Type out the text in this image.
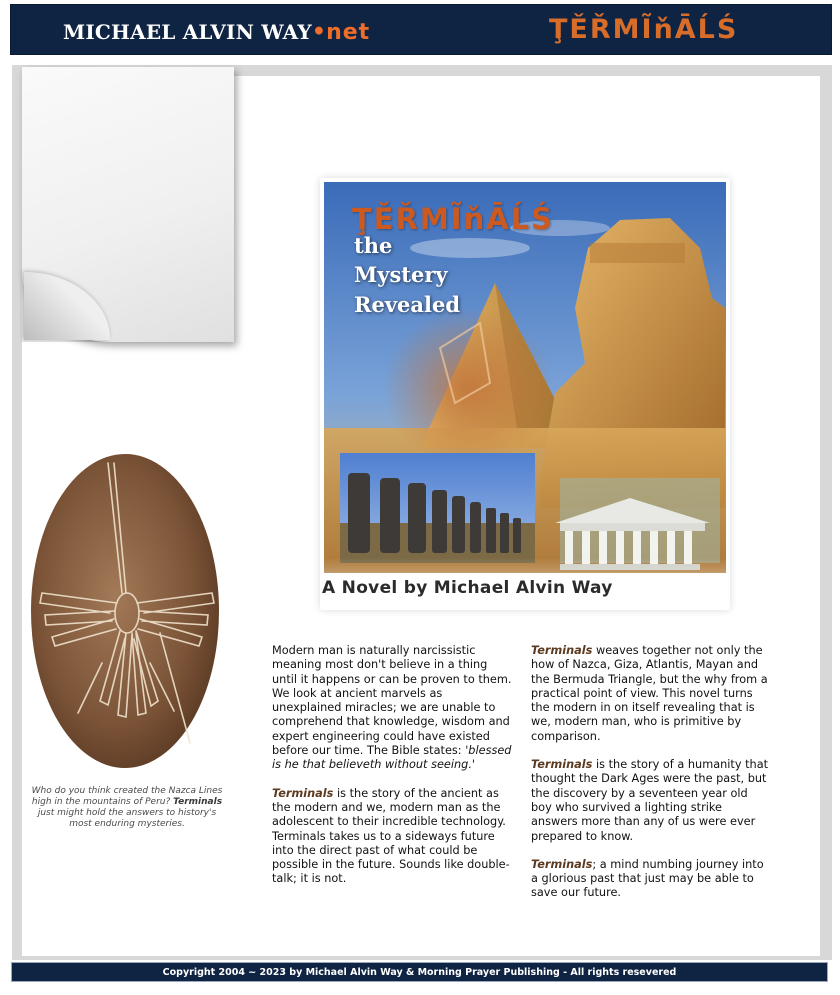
MICHAEL ALVIN WAY•net	ŢĚŘMĨňĀĹŚ
ŢĚŘMĨňĀĹŚ
the
Mystery
Revealed
A Novel by Michael Alvin Way
Who do you think created the Nazca Lines high in the mountains of Peru? Terminals just might hold the answers to history's most enduring mysteries.

Modern man is naturally narcissistic meaning most don't believe in a thing until it happens or can be proven to them. We look at ancient marvels as unexplained miracles; we are unable to comprehend that knowledge, wisdom and expert engineering could have existed before our time. The Bible states: 'blessed is he that believeth without seeing.'

Terminals is the story of the ancient as the modern and we, modern man as the adolescent to their incredible technology. Terminals takes us to a sideways future into the direct past of what could be possible in the future. Sounds like double-talk; it is not.

Terminals weaves together not only the how of Nazca, Giza, Atlantis, Mayan and the Bermuda Triangle, but the why from a practical point of view. This novel turns the modern in on itself revealing that is we, modern man, who is primitive by comparison.

Terminals is the story of a humanity that thought the Dark Ages were the past, but the discovery by a seventeen year old boy who survived a lighting strike answers more than any of us were ever prepared to know.

Terminals; a mind numbing journey into a glorious past that just may be able to save our future.

Copyright 2004 ~ 2023 by Michael Alvin Way & Morning Prayer Publishing - All rights resevered
